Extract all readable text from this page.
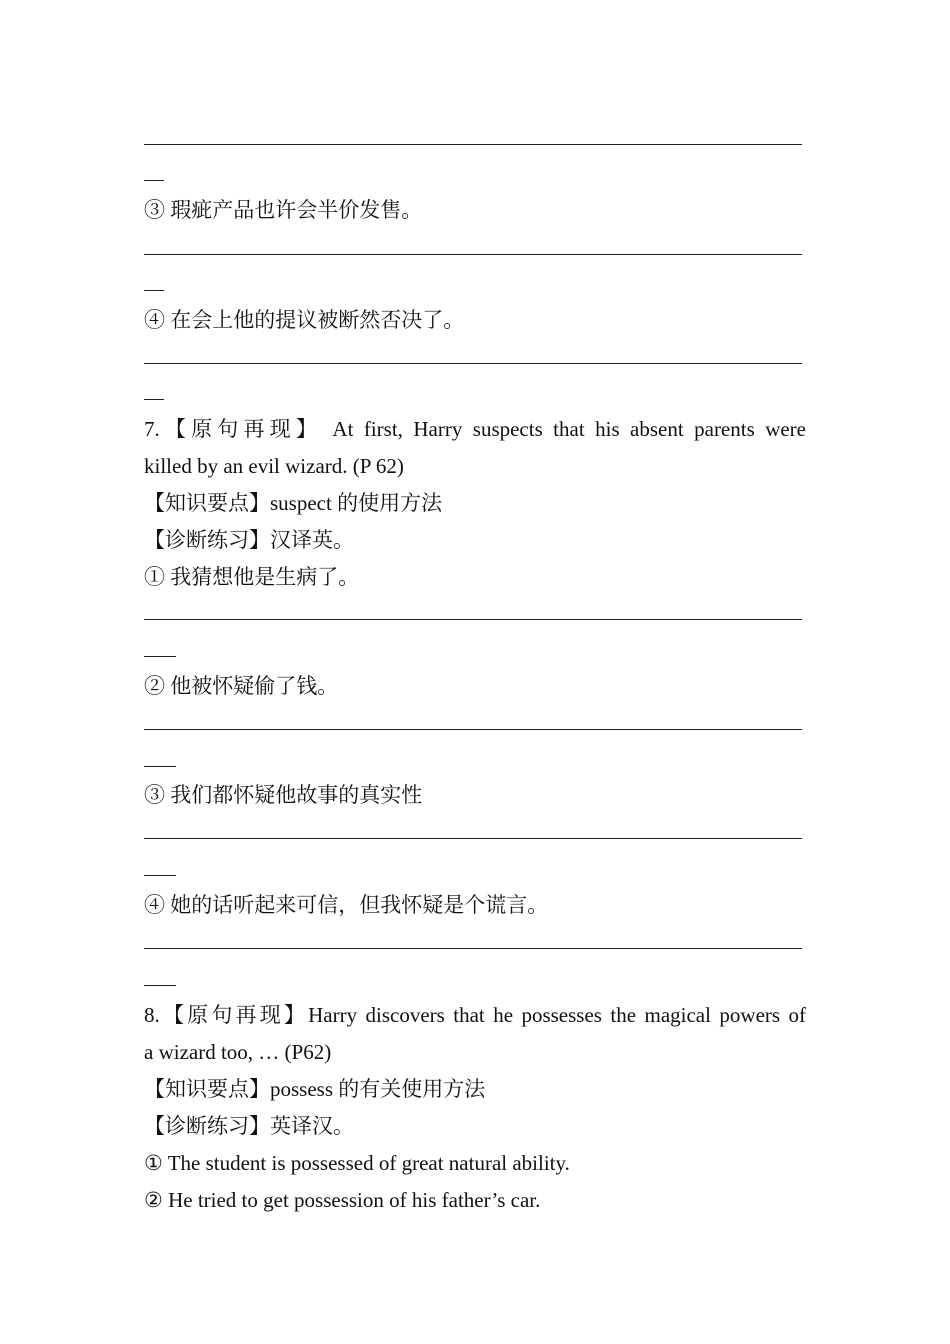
③ 瑕疵产品也许会半价发售。
④ 在会上他的提议被断然否决了。
7.【原句再现】 At first, Harry suspects that his absent parents were
killed by an evil wizard. (P 62)
【知识要点】suspect 的使用方法
【诊断练习】汉译英。
① 我猜想他是生病了。
② 他被怀疑偷了钱。
③ 我们都怀疑他故事的真实性
④ 她的话听起来可信，但我怀疑是个谎言。
8.【原句再现】Harry discovers that he possesses the magical powers of
a wizard too, … (P62)
【知识要点】possess 的有关使用方法
【诊断练习】英译汉。
① The student is possessed of great natural ability.
② He tried to get possession of his father’s car.
